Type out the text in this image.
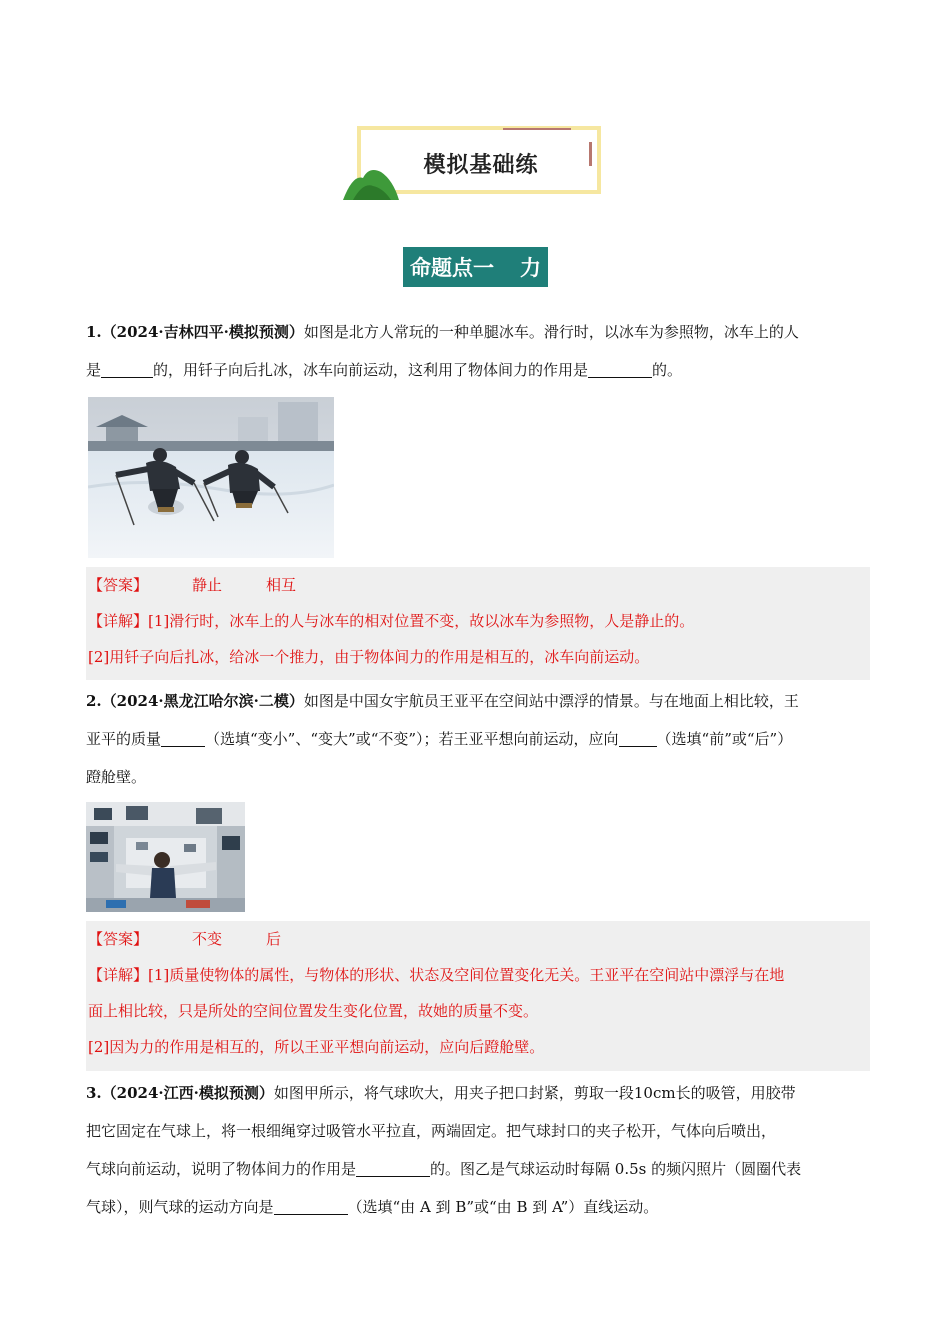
模拟基础练
命题点一 力
1.（2024·吉林四平·模拟预测）如图是北方人常玩的一种单腿冰车。滑行时，以冰车为参照物，冰车上的人
是	的，用钎子向后扎冰，冰车向前运动，这利用了物体间力的作用是	的。
【答案】	静止	相互

【详解】[1]滑行时，冰车上的人与冰车的相对位置不变，故以冰车为参照物，人是静止的。

[2]用钎子向后扎冰，给冰一个推力，由于物体间力的作用是相互的，冰车向前运动。

2.（2024·黑龙江哈尔滨·二模）如图是中国女宇航员王亚平在空间站中漂浮的情景。与在地面上相比较，王
亚平的质量	（选填“变小”、“变大”或“不变”）；若王亚平想向前运动，应向	（选填“前”或“后”）
蹬舱壁。
【答案】	不变	后

【详解】[1]质量使物体的属性，与物体的形状、状态及空间位置变化无关。王亚平在空间站中漂浮与在地

面上相比较，只是所处的空间位置发生变化位置，故她的质量不变。

[2]因为力的作用是相互的，所以王亚平想向前运动，应向后蹬舱壁。

3.（2024·江西·模拟预测）如图甲所示，将气球吹大，用夹子把口封紧，剪取一段10cm长的吸管，用胶带
把它固定在气球上，将一根细绳穿过吸管水平拉直，两端固定。把气球封口的夹子松开，气体向后喷出，
气球向前运动，说明了物体间力的作用是	的。图乙是气球运动时每隔 0.5s 的频闪照片（圆圈代表
气球），则气球的运动方向是	（选填“由 A 到 B”或“由 B 到 A”）直线运动。
